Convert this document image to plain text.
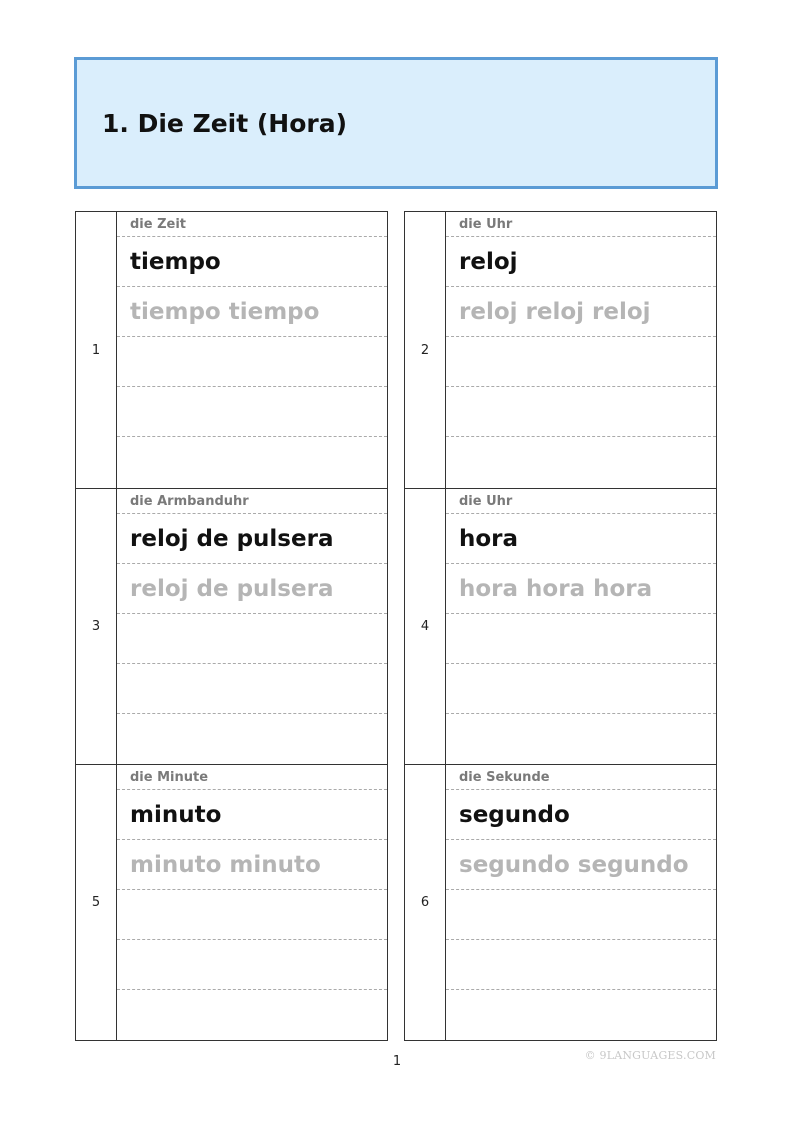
1. Die Zeit (Hora)
1
die Zeit
tiempo
tiempo tiempo
3
die Armbanduhr
reloj de pulsera
reloj de pulsera
5
die Minute
minuto
minuto minuto
2
die Uhr
reloj
reloj reloj reloj
4
die Uhr
hora
hora hora hora
6
die Sekunde
segundo
segundo segundo
1	© 9LANGUAGES.COM
